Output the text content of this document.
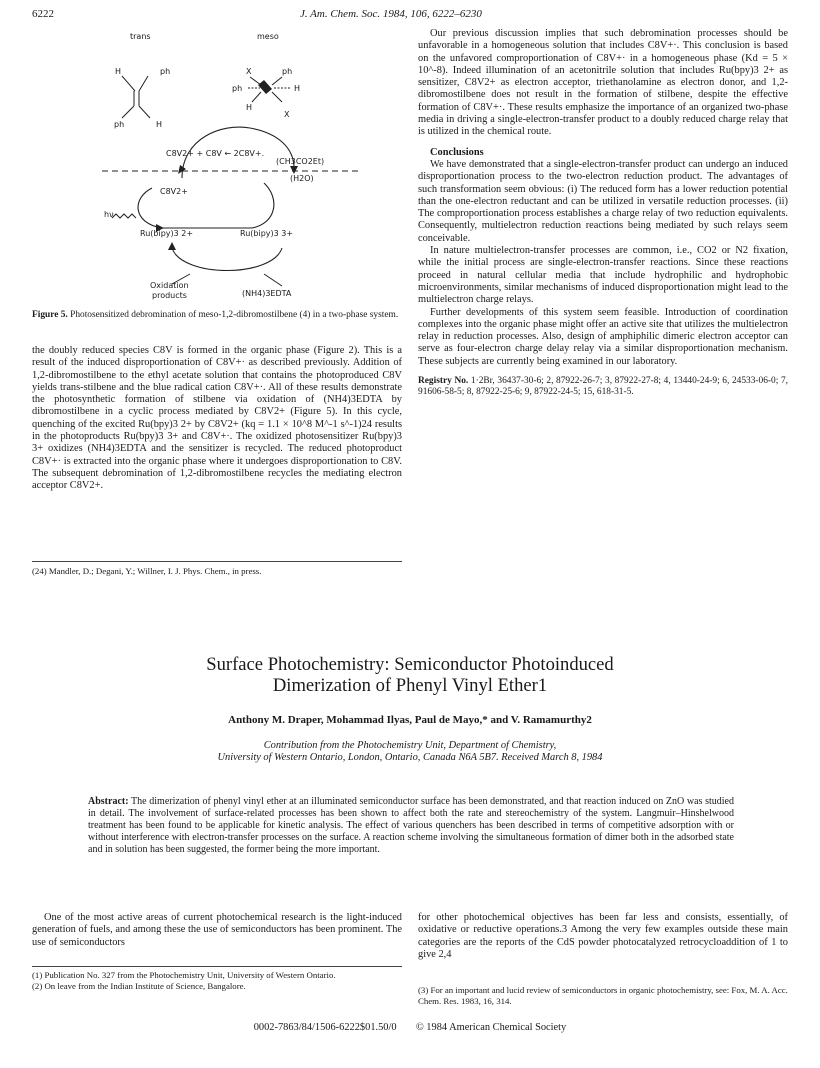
6222	J. Am. Chem. Soc. 1984, 106, 6222–6230
trans
H	ph
ph	H
meso
X	ph
ph	H
H
X
C8V2+ + C8V ← 2C8V+.
(CH3CO2Et)
(H2O)
C8V2+
hν
Ru(bipy)3 2+	Ru(bipy)3 3+
Oxidation
products	(NH4)3EDTA
Figure 5. Photosensitized debromination of meso-1,2-dibromostilbene (4) in a two-phase system.

the doubly reduced species C8V is formed in the organic phase (Figure 2). This is a result of the induced disproportionation of C8V+· as described previously. Addition of 1,2-dibromostilbene to the ethyl acetate solution that contains the photoproduced C8V yields trans-stilbene and the blue radical cation C8V+·. All of these results demonstrate the photosynthetic formation of stilbene via oxidation of (NH4)3EDTA by dibromostilbene in a cyclic process mediated by C8V2+ (Figure 5). In this cycle, quenching of the excited Ru(bpy)3 2+ by C8V2+ (kq = 1.1 × 10^8 M^-1 s^-1)24 results in the photoproducts Ru(bpy)3 3+ and C8V+·. The oxidized photosensitizer Ru(bpy)3 3+ oxidizes (NH4)3EDTA and the sensitizer is recycled. The reduced photoproduct C8V+· is extracted into the organic phase where it undergoes disproportionation to C8V. The subsequent debromination of 1,2-dibromostilbene recycles the mediating electron acceptor C8V2+.

(24) Mandler, D.; Degani, Y.; Willner, I. J. Phys. Chem., in press.

Our previous discussion implies that such debromination processes should be unfavorable in a homogeneous solution that includes C8V+·. This conclusion is based on the unfavored comproportionation of C8V+· in a homogeneous phase (Kd = 5 × 10^-8). Indeed illumination of an acetonitrile solution that includes Ru(bpy)3 2+ as sensitizer, C8V2+ as electron acceptor, triethanolamine as electron donor, and 1,2-dibromostilbene does not result in the formation of stilbene, despite the effective formation of C8V+·. These results emphasize the importance of an organized two-phase media in driving a single-electron-transfer product to a doubly reduced charge relay that is utilized in the chemical route.

Conclusions

We have demonstrated that a single-electron-transfer product can undergo an induced disproportionation process to the two-electron reduction product. The advantages of such transformation seem obvious: (i) The reduced form has a lower reduction potential than the one-electron reductant and can be utilized in versatile reduction processes. (ii) The comproportionation process establishes a charge relay of two reduction equivalents. Consequently, multielectron reduction reactions being mediated by such relays seem conceivable.

In nature multielectron-transfer processes are common, i.e., CO2 or N2 fixation, while the initial process are single-electron-transfer reactions. Since these reactions proceed in natural cellular media that include hydrophilic and hydrophobic microenvironments, similar mechanisms of induced disproportionation might lead to the multielectron charge relays.

Further developments of this system seem feasible. Introduction of coordination complexes into the organic phase might offer an active site that utilizes the multielectron relay in reduction processes. Also, design of amphiphilic dimeric electron acceptor can serve as four-electron charge delay relay via a similar disproportionation mechanism. These subjects are currently being examined in our laboratory.

Registry No. 1·2Br, 36437-30-6; 2, 87922-26-7; 3, 87922-27-8; 4, 13440-24-9; 6, 24533-06-0; 7, 91606-58-5; 8, 87922-25-6; 9, 87922-24-5; 15, 618-31-5.

Surface Photochemistry: Semiconductor Photoinduced
Dimerization of Phenyl Vinyl Ether1
Anthony M. Draper, Mohammad Ilyas, Paul de Mayo,* and V. Ramamurthy2
Contribution from the Photochemistry Unit, Department of Chemistry,
University of Western Ontario, London, Ontario, Canada N6A 5B7. Received March 8, 1984
Abstract: The dimerization of phenyl vinyl ether at an illuminated semiconductor surface has been demonstrated, and that reaction induced on ZnO was studied in detail. The involvement of surface-related processes has been shown to affect both the rate and stereochemistry of the system. Langmuir–Hinshelwood treatment has been found to be applicable for kinetic analysis. The effect of various quenchers has been described in terms of competitive adsorption with or without interference with electron-transfer processes on the surface. A reaction scheme involving the simultaneous formation of dimer both in the adsorbed state and in solution has been suggested, the former being the more important.

One of the most active areas of current photochemical research is the light-induced generation of fuels, and among these the use of semiconductors has been prominent. The use of semiconductors

for other photochemical objectives has been far less and consists, essentially, of oxidative or reductive operations.3 Among the very few examples outside these main categories are the reports of the CdS powder photocatalyzed retrocycloaddition of 1 to give 2,4

(1) Publication No. 327 from the Photochemistry Unit, University of Western Ontario.
(2) On leave from the Indian Institute of Science, Bangalore.	(3) For an important and lucid review of semiconductors in organic photochemistry, see: Fox, M. A. Acc. Chem. Res. 1983, 16, 314.
0002-7863/84/1506-6222$01.50/0 © 1984 American Chemical Society
